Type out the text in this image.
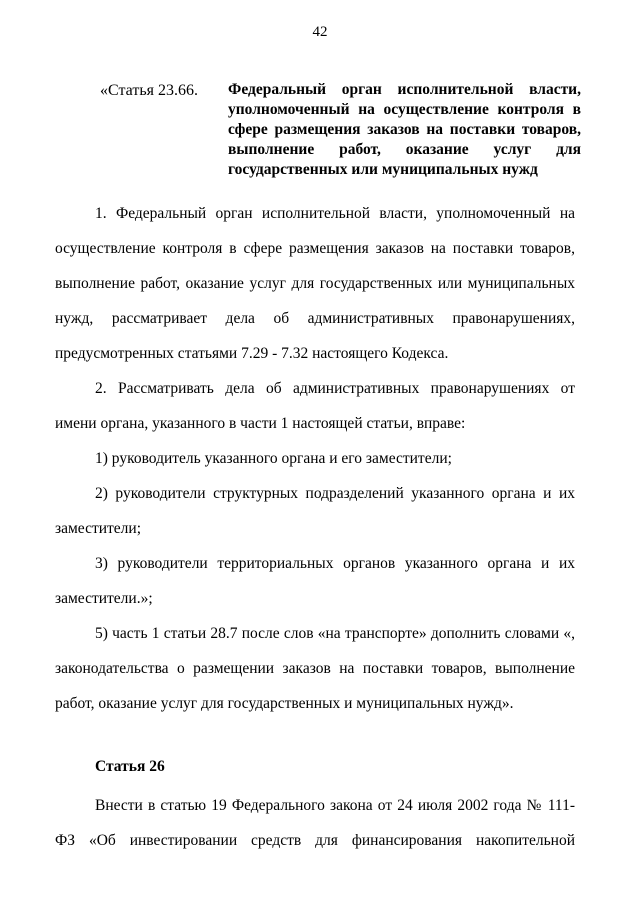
42
«Статья 23.66.	Федеральный орган исполнительной власти, уполномоченный на осуществление контроля в сфере размещения заказов на поставки товаров, выполнение работ, оказание услуг для государственных или муниципальных нужд

1. Федеральный орган исполнительной власти, уполномоченный на осуществление контроля в сфере размещения заказов на поставки товаров, выполнение работ, оказание услуг для государственных или муниципальных нужд, рассматривает дела об административных правонарушениях, предусмотренных статьями 7.29 - 7.32 настоящего Кодекса.

2. Рассматривать дела об административных правонарушениях от имени органа, указанного в части 1 настоящей статьи, вправе:

1) руководитель указанного органа и его заместители;

2) руководители структурных подразделений указанного органа и их заместители;

3) руководители территориальных органов указанного органа и их заместители.»;

5) часть 1 статьи 28.7 после слов «на транспорте» дополнить словами «, законодательства о размещении заказов на поставки товаров, выполнение работ, оказание услуг для государственных и муниципальных нужд».

Статья 26

Внести в статью 19 Федерального закона от 24 июля 2002 года № 111-ФЗ «Об инвестировании средств для финансирования накопительной
